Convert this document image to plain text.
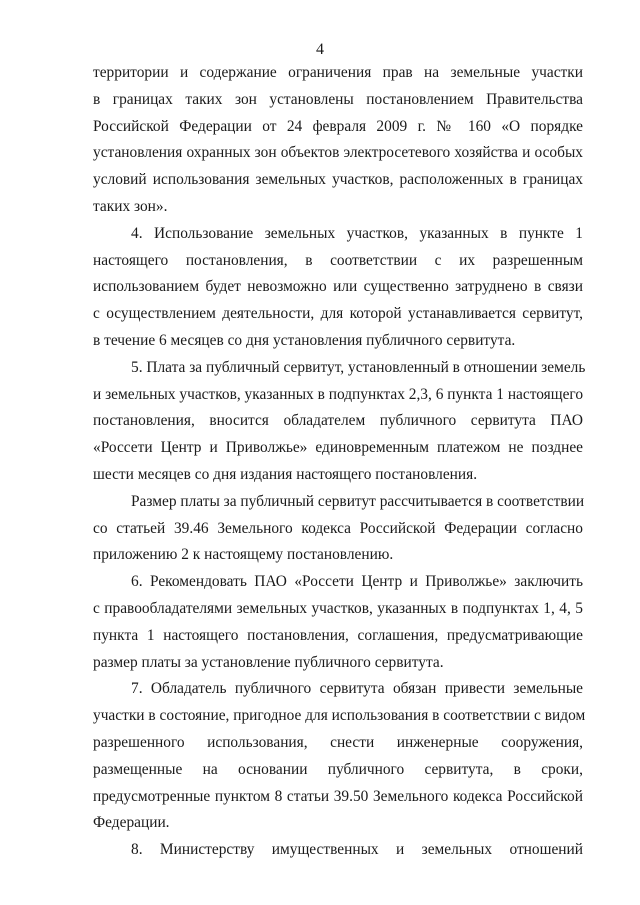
4

территории и содержание ограничения прав на земельные участки
в границах таких зон установлены постановлением Правительства
Российской Федерации от 24 февраля 2009 г. № 160 «О порядке
установления охранных зон объектов электросетевого хозяйства и особых
условий использования земельных участков, расположенных в границах
таких зон».

4. Использование земельных участков, указанных в пункте 1
настоящего постановления, в соответствии с их разрешенным
использованием будет невозможно или существенно затруднено в связи
с осуществлением деятельности, для которой устанавливается сервитут,
в течение 6 месяцев со дня установления публичного сервитута.

5. Плата за публичный сервитут, установленный в отношении земель
и земельных участков, указанных в подпунктах 2,3, 6 пункта 1 настоящего
постановления, вносится обладателем публичного сервитута ПАО
«Россети Центр и Приволжье» единовременным платежом не позднее
шести месяцев со дня издания настоящего постановления.

Размер платы за публичный сервитут рассчитывается в соответствии
со статьей 39.46 Земельного кодекса Российской Федерации согласно
приложению 2 к настоящему постановлению.

6. Рекомендовать ПАО «Россети Центр и Приволжье» заключить
с правообладателями земельных участков, указанных в подпунктах 1, 4, 5
пункта 1 настоящего постановления, соглашения, предусматривающие
размер платы за установление публичного сервитута.

7. Обладатель публичного сервитута обязан привести земельные
участки в состояние, пригодное для использования в соответствии с видом
разрешенного использования, снести инженерные сооружения,
размещенные на основании публичного сервитута, в сроки,
предусмотренные пунктом 8 статьи 39.50 Земельного кодекса Российской
Федерации.

8. Министерству имущественных и земельных отношений
